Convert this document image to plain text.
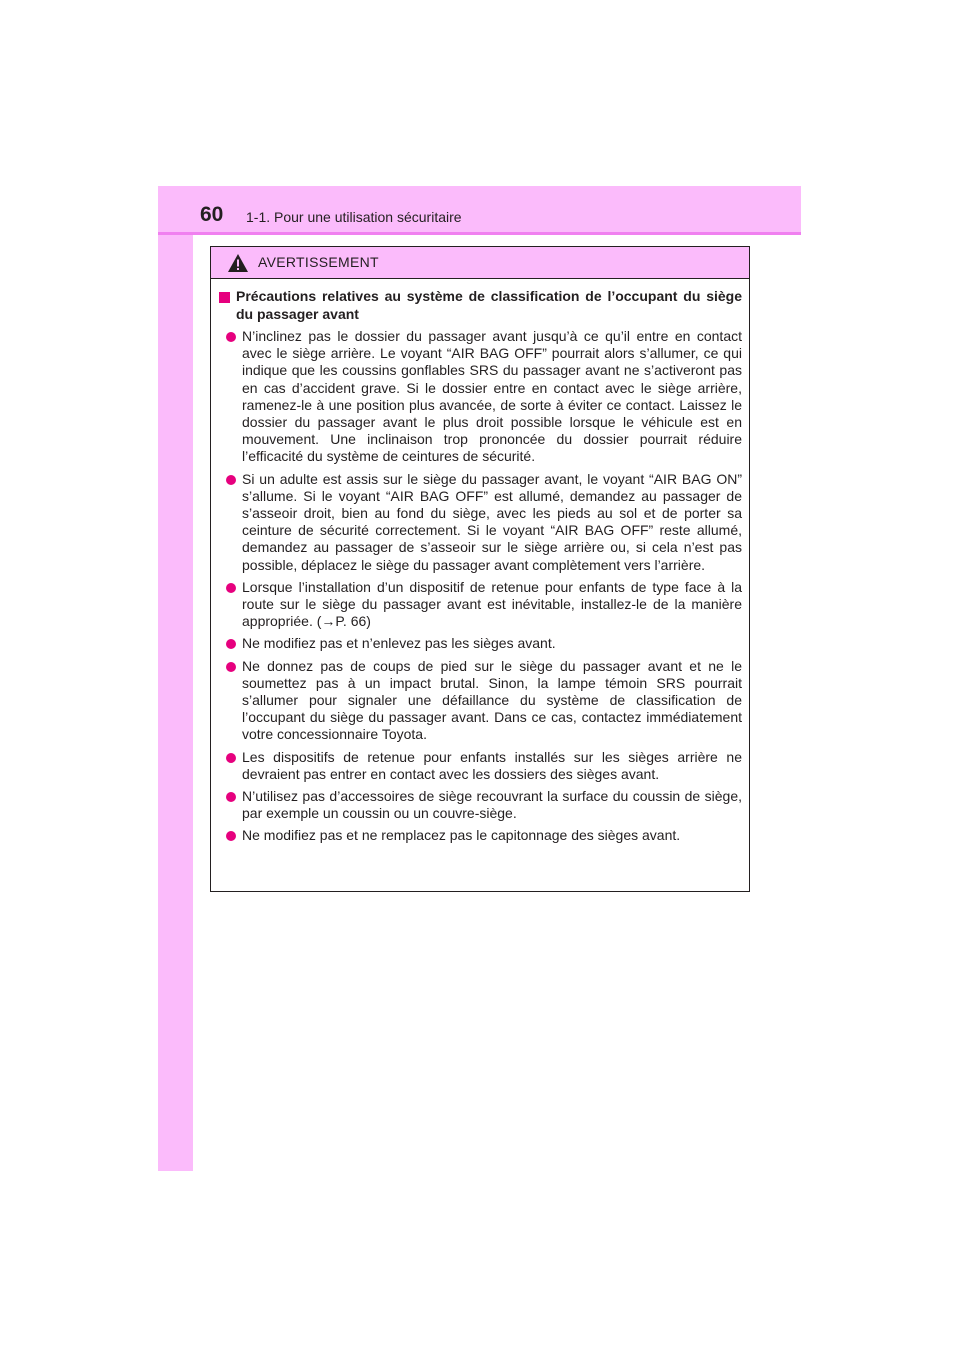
60 1-1. Pour une utilisation sécuritaire
AVERTISSEMENT
Précautions relatives au système de classification de l’occupant du siège du passager avant
N’inclinez pas le dossier du passager avant jusqu’à ce qu’il entre en contact avec le siège arrière. Le voyant “AIR BAG OFF” pourrait alors s’allumer, ce qui indique que les coussins gonflables SRS du passager avant ne s’activeront pas en cas d’accident grave. Si le dossier entre en contact avec le siège arrière, ramenez-le à une position plus avancée, de sorte à éviter ce contact. Laissez le dossier du passager avant le plus droit possible lorsque le véhicule est en mouvement. Une inclinaison trop prononcée du dossier pourrait réduire l’efficacité du système de ceintures de sécurité.
Si un adulte est assis sur le siège du passager avant, le voyant “AIR BAG ON” s’allume. Si le voyant “AIR BAG OFF” est allumé, demandez au passager de s’asseoir droit, bien au fond du siège, avec les pieds au sol et de porter sa ceinture de sécurité correctement. Si le voyant “AIR BAG OFF” reste allumé, demandez au passager de s’asseoir sur le siège arrière ou, si cela n’est pas possible, déplacez le siège du passager avant complètement vers l’arrière.
Lorsque l’installation d’un dispositif de retenue pour enfants de type face à la route sur le siège du passager avant est inévitable, installez-le de la manière appropriée. (→P. 66)
Ne modifiez pas et n’enlevez pas les sièges avant.
Ne donnez pas de coups de pied sur le siège du passager avant et ne le soumettez pas à un impact brutal. Sinon, la lampe témoin SRS pourrait s’allumer pour signaler une défaillance du système de classification de l’occupant du siège du passager avant. Dans ce cas, contactez immédiatement votre concessionnaire Toyota.
Les dispositifs de retenue pour enfants installés sur les sièges arrière ne devraient pas entrer en contact avec les dossiers des sièges avant.
N’utilisez pas d’accessoires de siège recouvrant la surface du coussin de siège, par exemple un coussin ou un couvre-siège.
Ne modifiez pas et ne remplacez pas le capitonnage des sièges avant.
